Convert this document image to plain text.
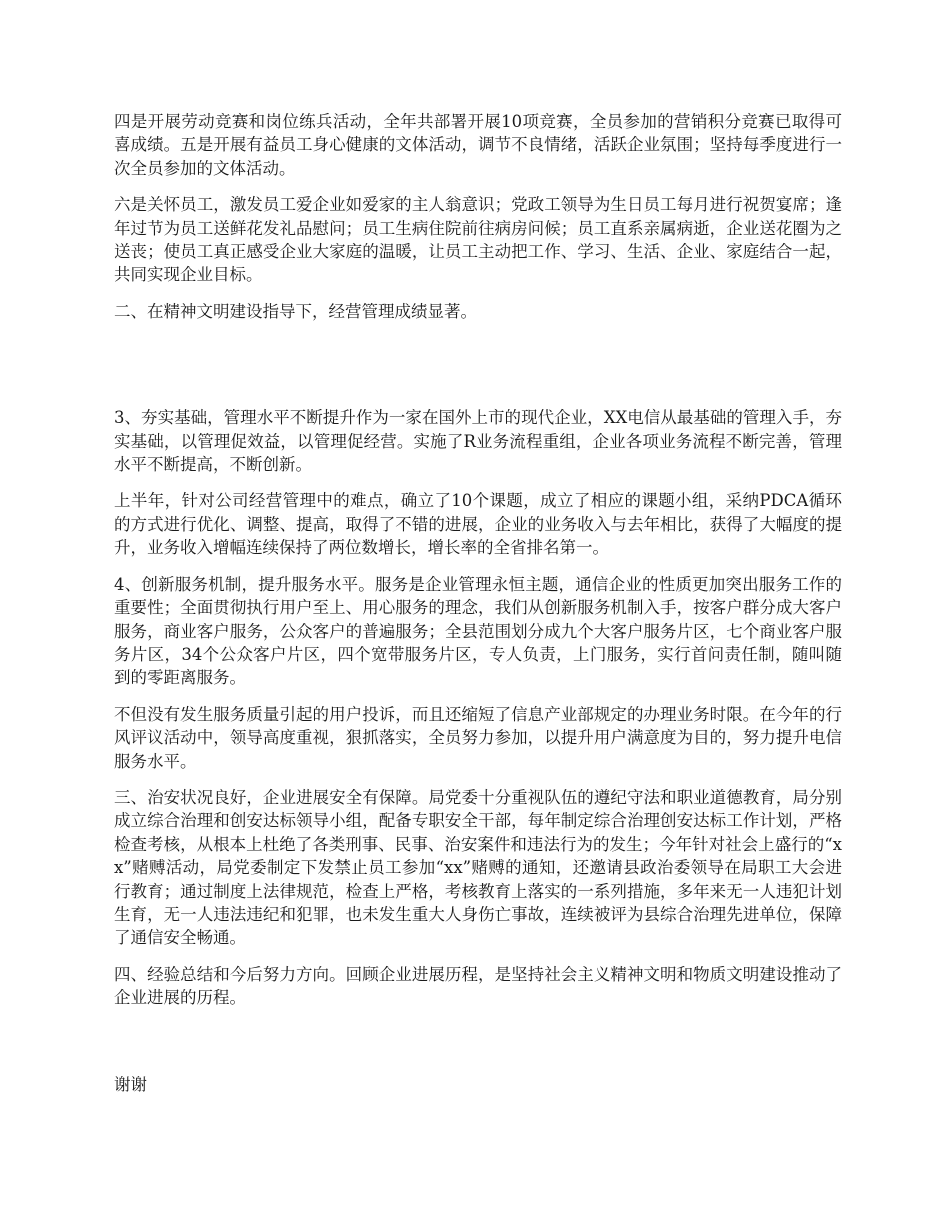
四是开展劳动竞赛和岗位练兵活动，全年共部署开展10项竞赛，全员参加的营销积分竞赛已取得可喜成绩。五是开展有益员工身心健康的文体活动，调节不良情绪，活跃企业氛围；坚持每季度进行一次全员参加的文体活动。

六是关怀员工，激发员工爱企业如爱家的主人翁意识；党政工领导为生日员工每月进行祝贺宴席；逢年过节为员工送鲜花发礼品慰问；员工生病住院前往病房问候；员工直系亲属病逝，企业送花圈为之送丧；使员工真正感受企业大家庭的温暖，让员工主动把工作、学习、生活、企业、家庭结合一起，共同实现企业目标。

二、在精神文明建设指导下，经营管理成绩显著。

3、夯实基础，管理水平不断提升作为一家在国外上市的现代企业，XX电信从最基础的管理入手，夯实基础，以管理促效益，以管理促经营。实施了R业务流程重组，企业各项业务流程不断完善，管理水平不断提高，不断创新。

上半年，针对公司经营管理中的难点，确立了10个课题，成立了相应的课题小组，采纳PDCA循环的方式进行优化、调整、提高，取得了不错的进展，企业的业务收入与去年相比，获得了大幅度的提升，业务收入增幅连续保持了两位数增长，增长率的全省排名第一。

4、创新服务机制，提升服务水平。服务是企业管理永恒主题，通信企业的性质更加突出服务工作的重要性；全面贯彻执行用户至上、用心服务的理念，我们从创新服务机制入手，按客户群分成大客户服务，商业客户服务，公众客户的普遍服务；全县范围划分成九个大客户服务片区，七个商业客户服务片区，34个公众客户片区，四个宽带服务片区，专人负责，上门服务，实行首问责任制，随叫随到的零距离服务。

不但没有发生服务质量引起的用户投诉，而且还缩短了信息产业部规定的办理业务时限。在今年的行风评议活动中，领导高度重视，狠抓落实，全员努力参加，以提升用户满意度为目的，努力提升电信服务水平。

三、治安状况良好，企业进展安全有保障。局党委十分重视队伍的遵纪守法和职业道德教育，局分别成立综合治理和创安达标领导小组，配备专职安全干部，每年制定综合治理创安达标工作计划，严格检查考核，从根本上杜绝了各类刑事、民事、治安案件和违法行为的发生；今年针对社会上盛行的“xx”赌赙活动，局党委制定下发禁止员工参加“xx”赌赙的通知，还邀请县政治委领导在局职工大会进行教育；通过制度上法律规范，检查上严格，考核教育上落实的一系列措施，多年来无一人违犯计划生育，无一人违法违纪和犯罪，也未发生重大人身伤亡事故，连续被评为县综合治理先进单位，保障了通信安全畅通。

四、经验总结和今后努力方向。回顾企业进展历程，是坚持社会主义精神文明和物质文明建设推动了企业进展的历程。

谢谢
